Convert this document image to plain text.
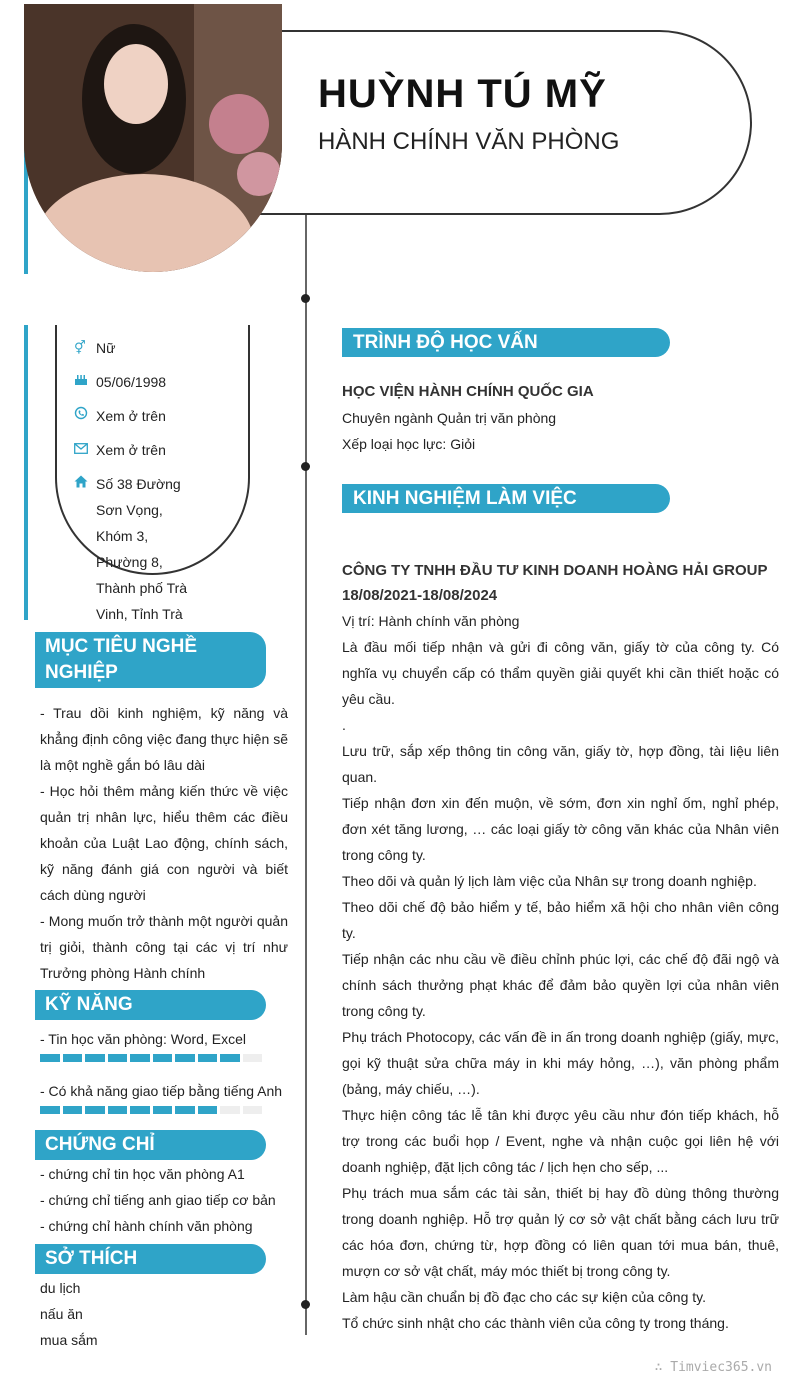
HUỲNH TÚ MỸ
HÀNH CHÍNH VĂN PHÒNG
⚥ Nữ
05/06/1998
Xem ở trên
Xem ở trên
Số 38 Đường
Sơn Vọng,
Khóm 3,
Phường 8,
Thành phố Trà
Vinh, Tỉnh Trà
MỤC TIÊU NGHỀ NGHIỆP
- Trau dồi kinh nghiệm, kỹ năng và khẳng định công việc đang thực hiện sẽ là một nghề gắn bó lâu dài
- Học hỏi thêm mảng kiến thức về việc quản trị nhân lực, hiểu thêm các điều khoản của Luật Lao động, chính sách, kỹ năng đánh giá con người và biết cách dùng người
- Mong muốn trở thành một người quản trị giỏi, thành công tại các vị trí như Trưởng phòng Hành chính
KỸ NĂNG
- Tin học văn phòng: Word, Excel
- Có khả năng giao tiếp bằng tiếng Anh
CHỨNG CHỈ
- chứng chỉ tin học văn phòng A1
- chứng chỉ tiếng anh giao tiếp cơ bản
- chứng chỉ hành chính văn phòng
SỞ THÍCH
du lịch
nấu ăn
mua sắm
TRÌNH ĐỘ HỌC VẤN
HỌC VIỆN HÀNH CHÍNH QUỐC GIA
Chuyên ngành Quản trị văn phòng
Xếp loại học lực: Giỏi
KINH NGHIỆM LÀM VIỆC
CÔNG TY TNHH ĐẦU TƯ KINH DOANH HOÀNG HẢI GROUP
18/08/2021-18/08/2024
Vị trí: Hành chính văn phòng
Là đầu mối tiếp nhận và gửi đi công văn, giấy tờ của công ty. Có nghĩa vụ chuyển cấp có thẩm quyền giải quyết khi cần thiết hoặc có yêu cầu.
.
Lưu trữ, sắp xếp thông tin công văn, giấy tờ, hợp đồng, tài liệu liên quan.
Tiếp nhận đơn xin đến muộn, về sớm, đơn xin nghỉ ốm, nghỉ phép, đơn xét tăng lương, … các loại giấy tờ công văn khác của Nhân viên trong công ty.
Theo dõi và quản lý lịch làm việc của Nhân sự trong doanh nghiệp.
Theo dõi chế độ bảo hiểm y tế, bảo hiểm xã hội cho nhân viên công ty.
Tiếp nhận các nhu cầu về điều chỉnh phúc lợi, các chế độ đãi ngộ và chính sách thưởng phạt khác để đảm bảo quyền lợi của nhân viên trong công ty.
Phụ trách Photocopy, các vấn đề in ấn trong doanh nghiệp (giấy, mực, gọi kỹ thuật sửa chữa máy in khi máy hỏng, …), văn phòng phẩm (bảng, máy chiếu, …).
Thực hiện công tác lễ tân khi được yêu cầu như đón tiếp khách, hỗ trợ trong các buổi họp / Event, nghe và nhận cuộc gọi liên hệ với doanh nghiệp, đặt lịch công tác / lịch hẹn cho sếp, ...
Phụ trách mua sắm các tài sản, thiết bị hay đồ dùng thông thường trong doanh nghiệp. Hỗ trợ quản lý cơ sở vật chất bằng cách lưu trữ các hóa đơn, chứng từ, hợp đồng có liên quan tới mua bán, thuê, mượn cơ sở vật chất, máy móc thiết bị trong công ty.
Làm hậu cần chuẩn bị đồ đạc cho các sự kiện của công ty.
Tổ chức sinh nhật cho các thành viên của công ty trong tháng.
∴ Timviec365.vn
